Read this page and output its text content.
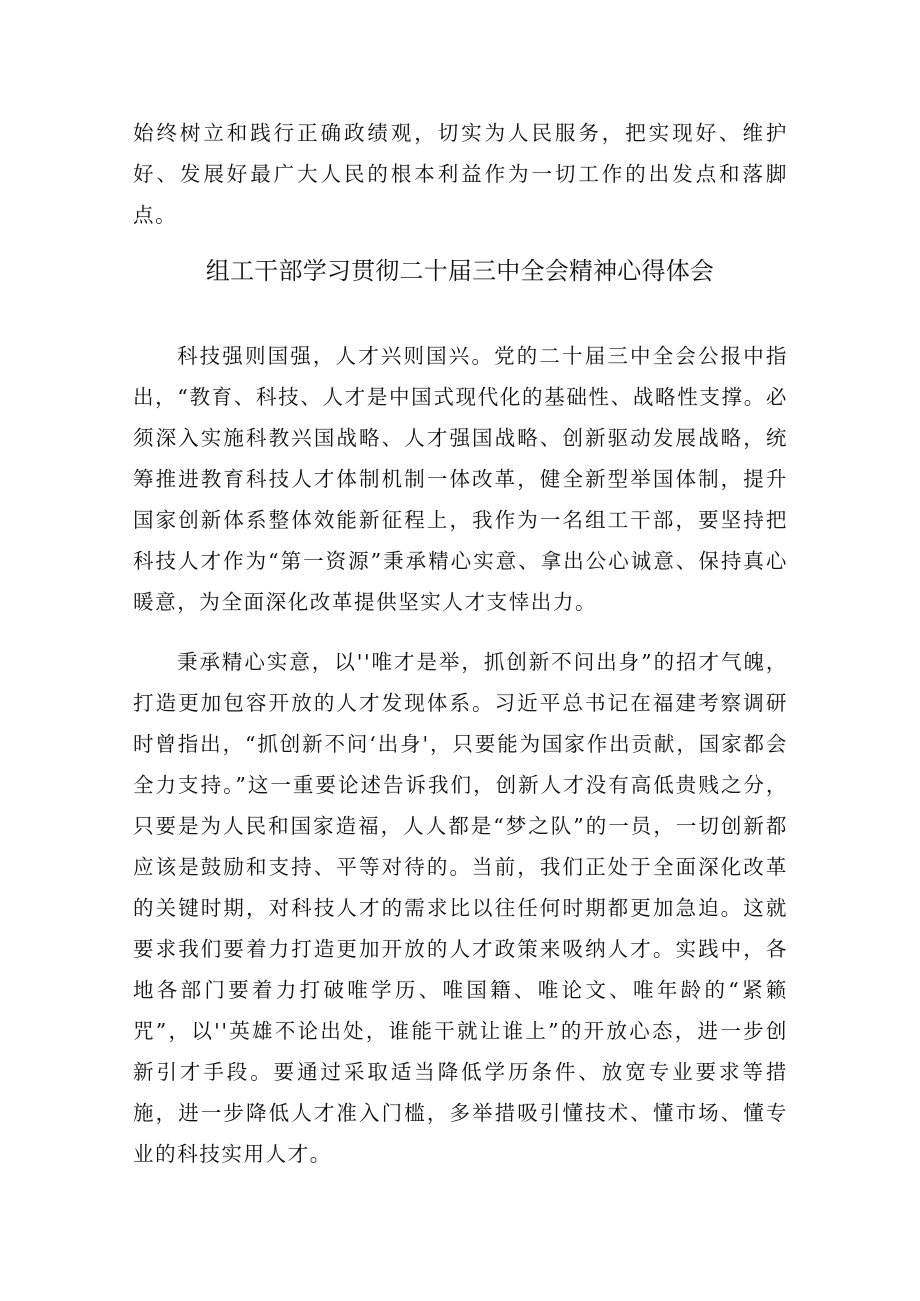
始终树立和践行正确政绩观，切实为人民服务，把实现好、维护好、发展好最广大人民的根本利益作为一切工作的出发点和落脚点。

组工干部学习贯彻二十届三中全会精神心得体会

科技强则国强，人才兴则国兴。党的二十届三中全会公报中指出，“教育、科技、人才是中国式现代化的基础性、战略性支撑。必须深入实施科教兴国战略、人才强国战略、创新驱动发展战略，统筹推进教育科技人才体制机制一体改革，健全新型举国体制，提升国家创新体系整体效能新征程上，我作为一名组工干部，要坚持把科技人才作为“第一资源”秉承精心实意、拿出公心诚意、保持真心暖意，为全面深化改革提供坚实人才支悻出力。

秉承精心实意，以''唯才是举，抓创新不问出身”的招才气魄，打造更加包容开放的人才发现体系。习近平总书记在福建考察调研时曾指出，“抓创新不问‘出身'，只要能为国家作出贡献，国家都会全力支持。”这一重要论述告诉我们，创新人才没有高低贵贱之分，只要是为人民和国家造福，人人都是“梦之队”的一员，一切创新都应该是鼓励和支持、平等对待的。当前，我们正处于全面深化改革的关键时期，对科技人才的需求比以往任何时期都更加急迫。这就要求我们要着力打造更加开放的人才政策来吸纳人才。实践中，各地各部门要着力打破唯学历、唯国籍、唯论文、唯年龄的“紧籁咒”，以''英雄不论出处，谁能干就让谁上”的开放心态，进一步创新引才手段。要通过采取适当降低学历条件、放宽专业要求等措施，进一步降低人才准入门槛，多举措吸引懂技术、懂市场、懂专业的科技实用人才。
